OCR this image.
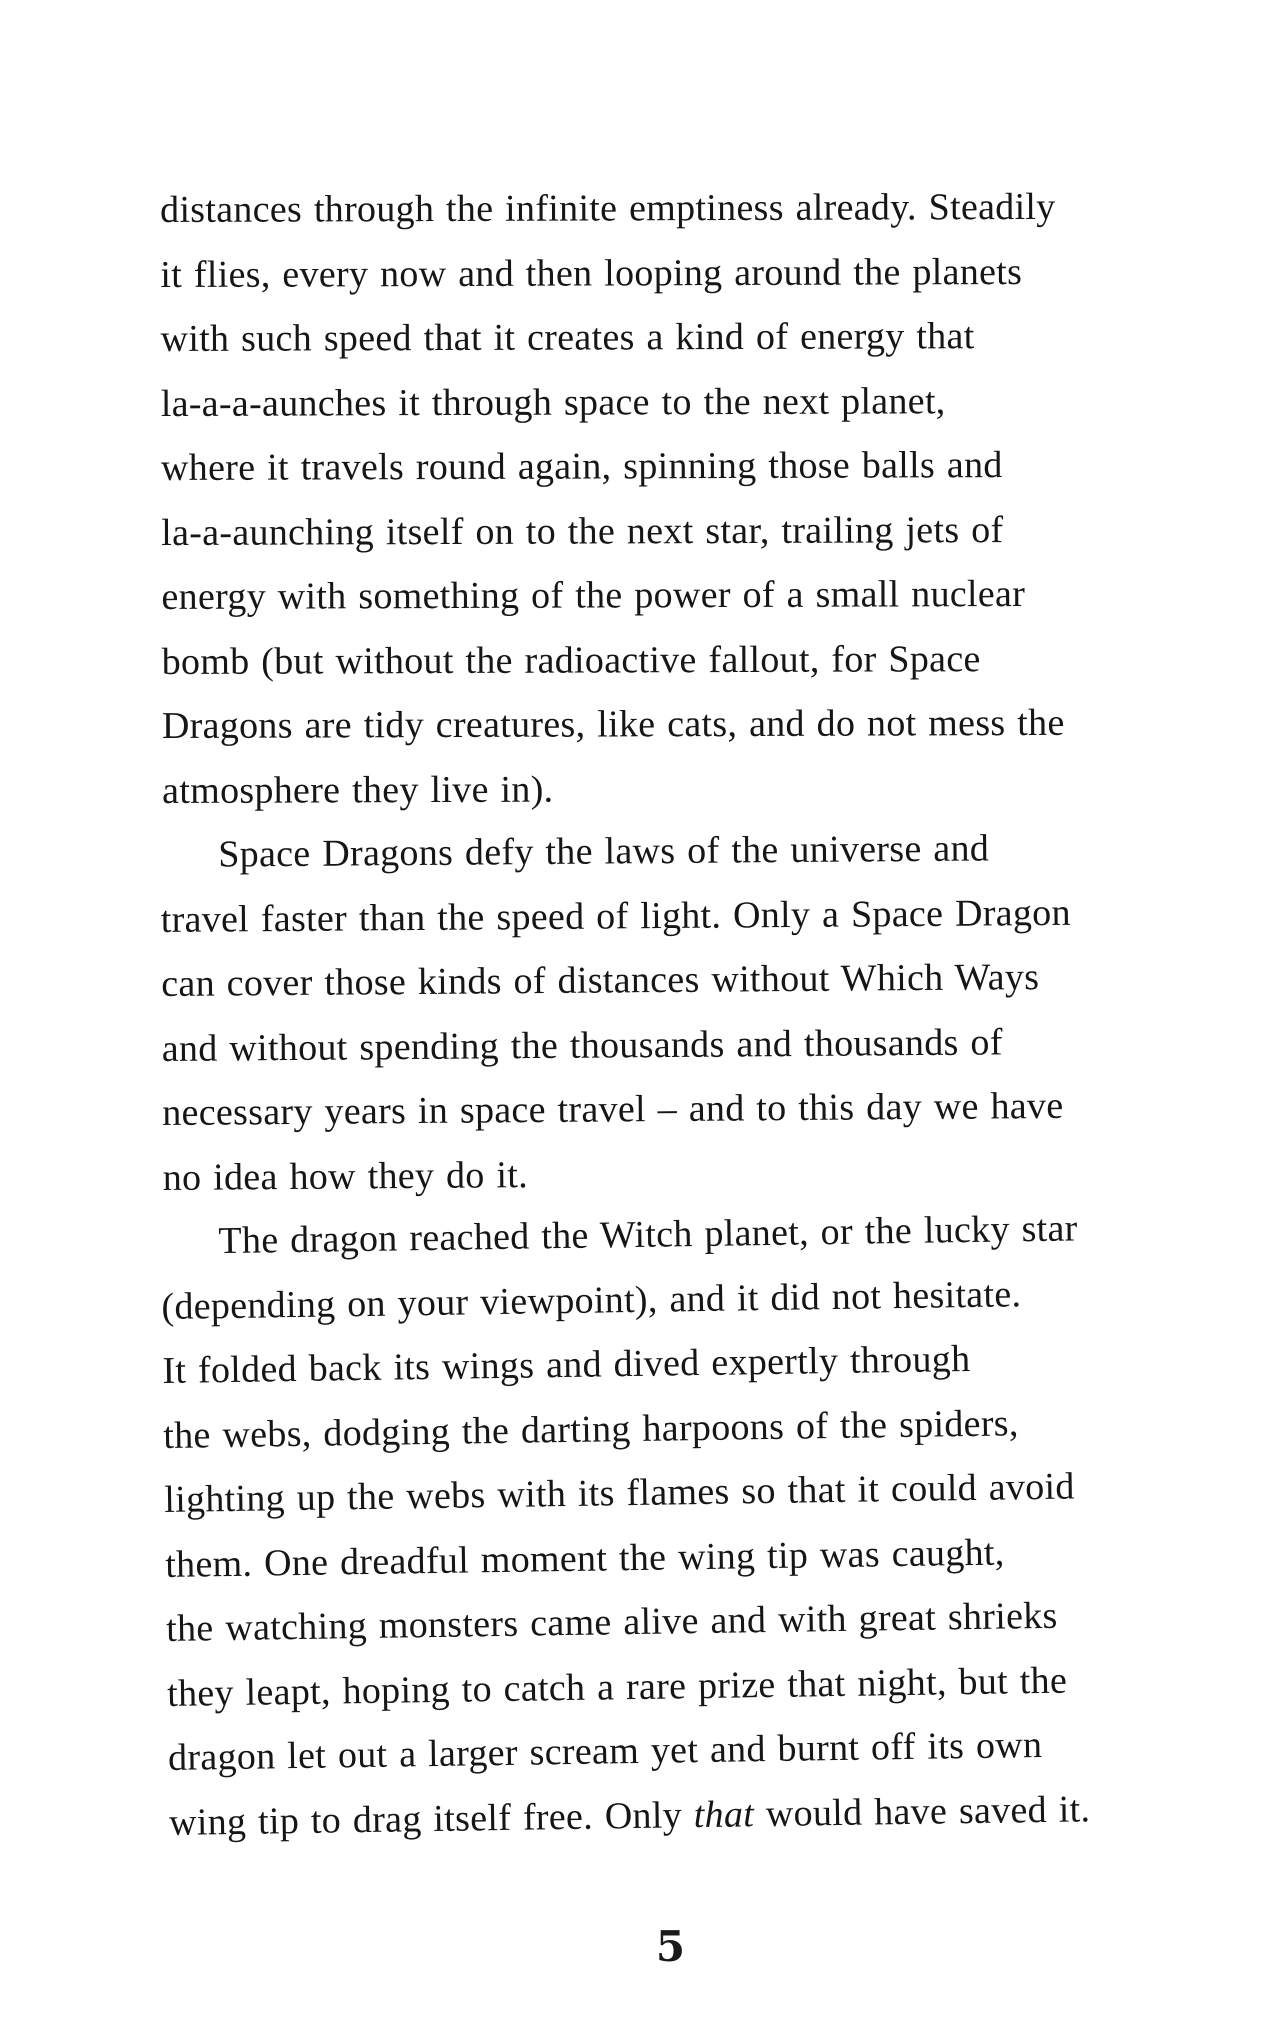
distances through the infinite emptiness already. Steadily
it flies, every now and then looping around the planets
with such speed that it creates a kind of energy that
la-a-a-aunches it through space to the next planet,
where it travels round again, spinning those balls and
la-a-aunching itself on to the next star, trailing jets of
energy with something of the power of a small nuclear
bomb (but without the radioactive fallout, for Space
Dragons are tidy creatures, like cats, and do not mess the
atmosphere they live in).
Space Dragons defy the laws of the universe and
travel faster than the speed of light. Only a Space Dragon
can cover those kinds of distances without Which Ways
and without spending the thousands and thousands of
necessary years in space travel – and to this day we have
no idea how they do it.
The dragon reached the Witch planet, or the lucky star
(depending on your viewpoint), and it did not hesitate.
It folded back its wings and dived expertly through
the webs, dodging the darting harpoons of the spiders,
lighting up the webs with its flames so that it could avoid
them. One dreadful moment the wing tip was caught,
the watching monsters came alive and with great shrieks
they leapt, hoping to catch a rare prize that night, but the
dragon let out a larger scream yet and burnt off its own
wing tip to drag itself free. Only that would have saved it.
5
